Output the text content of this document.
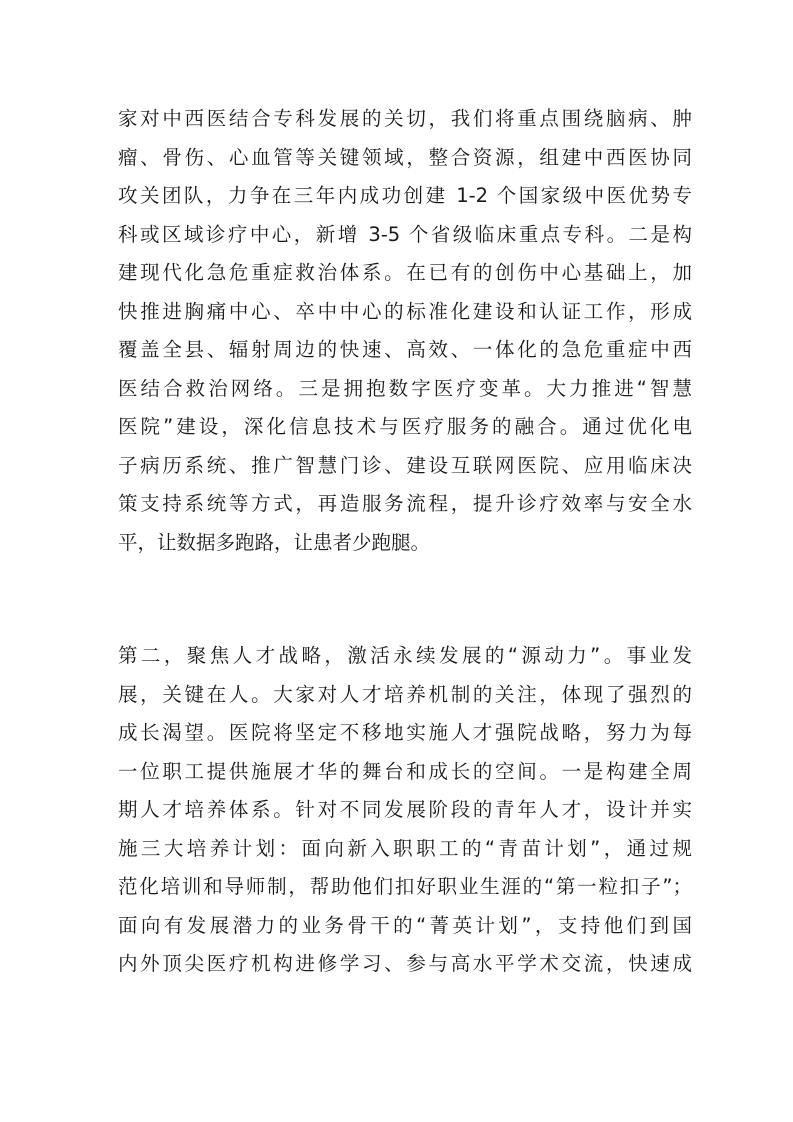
家对中西医结合专科发展的关切，我们将重点围绕脑病、肿
瘤、骨伤、心血管等关键领域，整合资源，组建中西医协同
攻关团队，力争在三年内成功创建 1-2 个国家级中医优势专
科或区域诊疗中心，新增 3-5 个省级临床重点专科。二是构
建现代化急危重症救治体系。在已有的创伤中心基础上，加
快推进胸痛中心、卒中中心的标准化建设和认证工作，形成
覆盖全县、辐射周边的快速、高效、一体化的急危重症中西
医结合救治网络。三是拥抱数字医疗变革。大力推进“智慧
医院”建设，深化信息技术与医疗服务的融合。通过优化电
子病历系统、推广智慧门诊、建设互联网医院、应用临床决
策支持系统等方式，再造服务流程，提升诊疗效率与安全水
平，让数据多跑路，让患者少跑腿。
第二，聚焦人才战略，激活永续发展的“源动力”。事业发
展，关键在人。大家对人才培养机制的关注，体现了强烈的
成长渴望。医院将坚定不移地实施人才强院战略，努力为每
一位职工提供施展才华的舞台和成长的空间。一是构建全周
期人才培养体系。针对不同发展阶段的青年人才，设计并实
施三大培养计划：面向新入职职工的“青苗计划”，通过规
范化培训和导师制，帮助他们扣好职业生涯的“第一粒扣子”；
面向有发展潜力的业务骨干的“菁英计划”，支持他们到国
内外顶尖医疗机构进修学习、参与高水平学术交流，快速成
